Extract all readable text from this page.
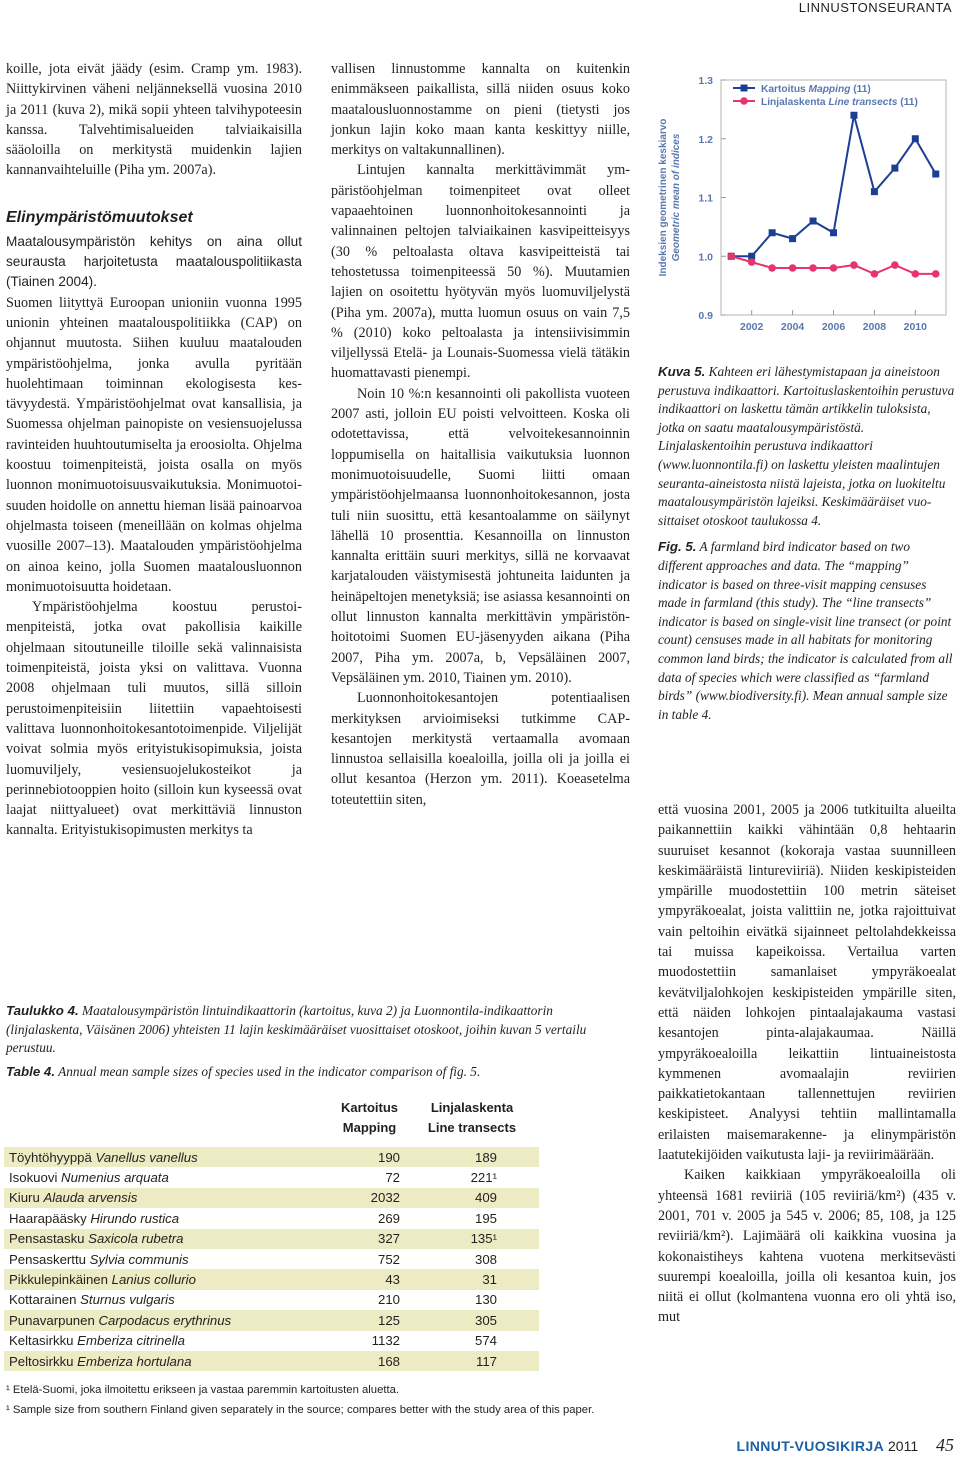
LINNUSTONSEURANTA

koille, jota eivät jäädy (esim. Cramp ym. 1983). Niittykirvinen väheni neljänneksellä vuosina 2010 ja 2011 (kuva 2), mikä sopii yhteen talvihypoteesin kanssa. Talvehtimisalueiden talviaikaisilla sääoloilla on merkitystä muidenkin lajien kannanvaihteluille (Piha ym. 2007a).

Elinympäristömuutokset

Maatalousympäristön kehitys on aina ollut seurausta harjoitetusta maatalouspolitiikasta (Tiainen 2004).

Suomen liityttyä Euroopan unioniin vuonna 1995 unionin yhteinen maatalouspolitiikka (CAP) on ohjannut muutosta. Siihen kuuluu maatalouden ympäristöohjelma, jonka avulla pyritään huolehtimaan toiminnan ekologisesta kestävyydestä. Ympäristöohjelmat ovat kansallisia, ja Suomessa ohjelman painopiste on vesiensuojelussa ravinteiden huuhtoutumiselta ja eroosiolta. Ohjelma koostuu toimenpiteistä, joista osalla on myös luonnon monimuotoisuusvaikutuksia. Monimuotoisuuden hoidolle on annettu hieman lisää painoarvoa ohjelmasta toiseen (meneillään on kolmas ohjelma vuosille 2007–13). Maatalouden ympäristöohjelma on ainoa keino, jolla Suomen maatalousluonnon monimuotoisuutta hoidetaan.

Ympäristöohjelma koostuu perustoimenpiteistä, jotka ovat pakollisia kaikille ohjelmaan sitoutuneille tiloille sekä valinnaisista toimenpiteistä, joista yksi on valittava. Vuonna 2008 ohjelmaan tuli muutos, sillä silloin perustoimenpiteisiin liitettiin vapaehtoisesti valittava luonnonhoitokesantotoimenpide. Viljelijät voivat solmia myös erityistukisopimuksia, joista luomuviljely, vesiensuojelukosteikot ja perinnebiotooppien hoito (silloin kun kyseessä ovat laajat niittyalueet) ovat merkittäviä linnuston kannalta. Erityistukisopimusten merkitys ta

vallisen linnustomme kannalta on kuitenkin enimmäkseen paikallista, sillä niiden osuus koko maatalousluonnostamme on pieni (tietysti jos jonkun lajin koko maan kanta keskittyy niille, merkitys on valtakunnallinen).

Lintujen kannalta merkittävimmät ympäristöohjelman toimenpiteet ovat olleet vapaaehtoinen luonnonhoitokesannointi ja valinnainen peltojen talviaikainen kasvipeitteisyys (30 % peltoalasta oltava kasvipeitteistä tai tehostetussa toimenpiteessä 50 %). Muutamien lajien on osoitettu hyötyvän myös luomuviljelystä (Piha ym. 2007a), mutta luomun osuus on vain 7,5 % (2010) koko peltoalasta ja intensiivisimmin viljellyssä Etelä- ja Lounais-Suomessa vielä tätäkin huomattavasti pienempi.

Noin 10 %:n kesannointi oli pakollista vuoteen 2007 asti, jolloin EU poisti velvoitteen. Koska oli odotettavissa, että velvoitekesannoinnin loppumisella on haitallisia vaikutuksia luonnon monimuotoisuudelle, Suomi liitti omaan ympäristöohjelmaansa luonnonhoitokesannon, josta tuli niin suosittu, että kesantoalamme on säilynyt lähellä 10 prosenttia. Kesannoilla on linnuston kannalta erittäin suuri merkitys, sillä ne korvaavat karjatalouden väistymisestä johtuneita laidunten ja heinäpeltojen menetyksiä; ise asiassa kesannointi on ollut linnuston kannalta merkittävin ympäristönhoitotoimi Suomen EU-jäsenyyden aikana (Piha 2007, Piha ym. 2007a, b, Vepsäläinen 2007, Vepsäläinen ym. 2010, Tiainen ym. 2010).

Luonnonhoitokesantojen potentiaalisen merkityksen arvioimiseksi tutkimme CAP-kesantojen merkitystä vertaamalla avomaan linnustoa sellaisilla koealoilla, joilla oli ja joilla ei ollut kesantoa (Herzon ym. 2011). Koeasetelma toteutettiin siten,

0.9
1.0
1.1
1.2
1.3
2002 2004 2006 2008 2010
Indeksien geometrinen keskiarvo Geometric mean of indices
Kartoitus Mapping (11)
Linjalaskenta Line transects (11)

Kuva 5. Kahteen eri lähestymistapaan ja aineistoon perustuva indikaattori. Kartoituslaskentoihin perustuva indikaattori on laskettu tämän artikkelin tuloksista, jotka on saatu maatalousympäristöstä. Linjalaskentoihin perustuva indikaattori (www.luonnontila.fi) on laskettu yleisten maalintujen seuranta-aineistosta niistä lajeista, jotka on luokiteltu maatalousympäristön lajeiksi. Keskimääräiset vuosittaiset otoskoot taulukossa 4.

Fig. 5. A farmland bird indicator based on two different approaches and data. The “mapping” indicator is based on three-visit mapping censuses made in farmland (this study). The “line transects” indicator is based on single-visit line transect (or point count) censuses made in all habitats for monitoring common land birds; the indicator is calculated from all data of species which were classified as “farmland birds” (www.biodiversity.fi). Mean annual sample size in table 4.

että vuosina 2001, 2005 ja 2006 tutkituilta alueilta paikannettiin kaikki vähintään 0,8 hehtaarin suuruiset kesannot (kokoraja vastaa suunnilleen keskimääräistä lintureviiriä). Niiden keskipisteiden ympärille muodostettiin 100 metrin säteiset ympyräkoealat, joista valittiin ne, jotka rajoittuivat vain peltoihin eivätkä sijainneet peltolahdekkeissa tai muissa kapeikoissa. Vertailua varten muodostettiin samanlaiset ympyräkoealat kevätviljalohkojen keskipisteiden ympärille siten, että näiden lohkojen pintaalajakauma vastasi kesantojen pinta-alajakaumaa. Näillä ympyräkoealoilla leikattiin lintuaineistosta kymmenen avomaalajin reviirien paikkatietokantaan tallennettujen reviirien keskipisteet. Analyysi tehtiin mallintamalla erilaisten maisemarakenne- ja elinympäristön laatutekijöiden vaikutusta laji- ja reviirimäärään.

Kaiken kaikkiaan ympyräkoealoilla oli yhteensä 1681 reviiriä (105 reviiriä/km²) (435 v. 2001, 701 v. 2005 ja 545 v. 2006; 85, 108, ja 125 reviiriä/km²). Lajimäärä oli kaikkina vuosina ja kokonaistiheys kahtena vuotena merkitsevästi suurempi koealoilla, joilla oli kesantoa kuin, jos niitä ei ollut (kolmantena vuonna ero oli yhtä iso, mut

Taulukko 4. Maatalousympäristön lintuindikaattorin (kartoitus, kuva 2) ja Luonnontila-indikaattorin (linjalaskenta, Väisänen 2006) yhteisten 11 lajin keskimääräiset vuosittaiset otoskoot, joihin kuvan 5 vertailu perustuu.

Table 4. Annual mean sample sizes of species used in the indicator comparison of fig. 5.

	Kartoitus	Linjalaskenta
	Mapping	Line transects

Töyhtöhyyppä Vanellus vanellus	190	189
Isokuovi Numenius arquata	72	221¹
Kiuru Alauda arvensis	2032	409
Haarapääsky Hirundo rustica	269	195
Pensastasku Saxicola rubetra	327	135¹
Pensaskerttu Sylvia communis	752	308
Pikkulepinkäinen Lanius collurio	43	31
Kottarainen Sturnus vulgaris	210	130
Punavarpunen Carpodacus erythrinus	125	305
Keltasirkku Emberiza citrinella	1132	574
Peltosirkku Emberiza hortulana	168	117

¹ Etelä-Suomi, joka ilmoitettu erikseen ja vastaa paremmin kartoitusten aluetta.

¹ Sample size from southern Finland given separately in the source; compares better with the study area of this paper.

LINNUT-VUOSIKIRJA 2011 45
